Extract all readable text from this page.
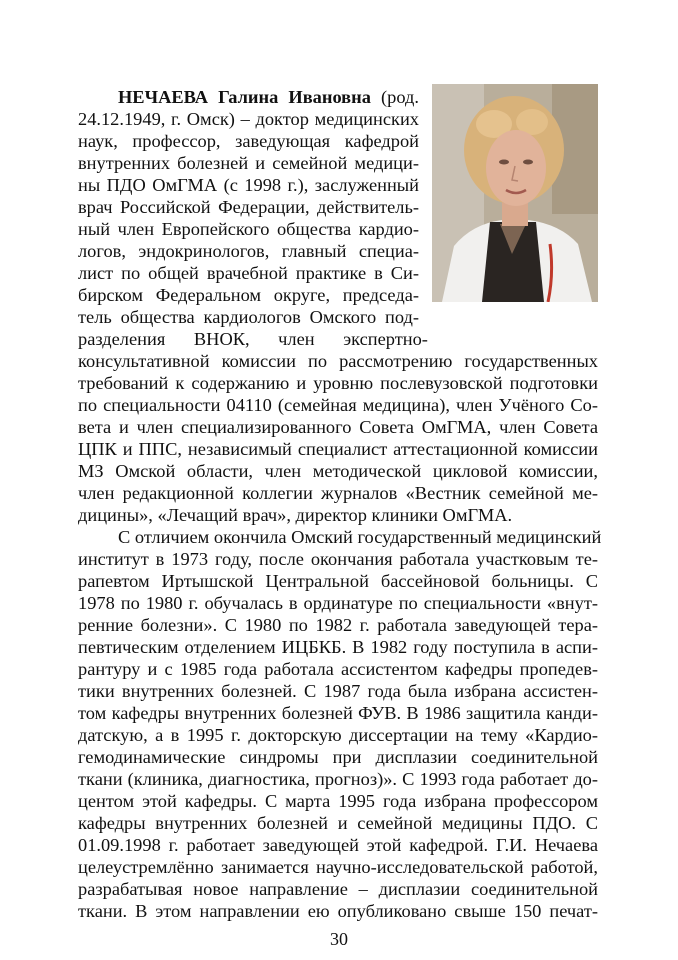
НЕЧАЕВА Галина Ивановна (род.
24.12.1949, г. Омск) – доктор медицинских
наук, профессор, заведующая кафедрой
внутренних болезней и семейной медици-
ны ПДО ОмГМА (с 1998 г.), заслуженный
врач Российской Федерации, действитель-
ный член Европейского общества кардио-
логов, эндокринологов, главный специа-
лист по общей врачебной практике в Си-
бирском Федеральном округе, председа-
тель общества кардиологов Омского под-
разделения ВНОК, член экспертно-
консультативной комиссии по рассмотрению государственных
требований к содержанию и уровню послевузовской подготовки
по специальности 04110 (семейная медицина), член Учёного Со-
вета и член специализированного Совета ОмГМА, член Совета
ЦПК и ППС, независимый специалист аттестационной комиссии
МЗ Омской области, член методической цикловой комиссии,
член редакционной коллегии журналов «Вестник семейной ме-
дицины», «Лечащий врач», директор клиники ОмГМА.
С отличием окончила Омский государственный медицинский
институт в 1973 году, после окончания работала участковым те-
рапевтом Иртышской Центральной бассейновой больницы. С
1978 по 1980 г. обучалась в ординатуре по специальности «внут-
ренние болезни». С 1980 по 1982 г. работала заведующей тера-
певтическим отделением ИЦБКБ. В 1982 году поступила в аспи-
рантуру и с 1985 года работала ассистентом кафедры пропедев-
тики внутренних болезней. С 1987 года была избрана ассистен-
том кафедры внутренних болезней ФУВ. В 1986 защитила канди-
датскую, а в 1995 г. докторскую диссертации на тему «Кардио-
гемодинамические синдромы при дисплазии соединительной
ткани (клиника, диагностика, прогноз)». С 1993 года работает до-
центом этой кафедры. С марта 1995 года избрана профессором
кафедры внутренних болезней и семейной медицины ПДО. С
01.09.1998 г. работает заведующей этой кафедрой. Г.И. Нечаева
целеустремлённо занимается научно-исследовательской работой,
разрабатывая новое направление – дисплазии соединительной
ткани. В этом направлении ею опубликовано свыше 150 печат-
30
